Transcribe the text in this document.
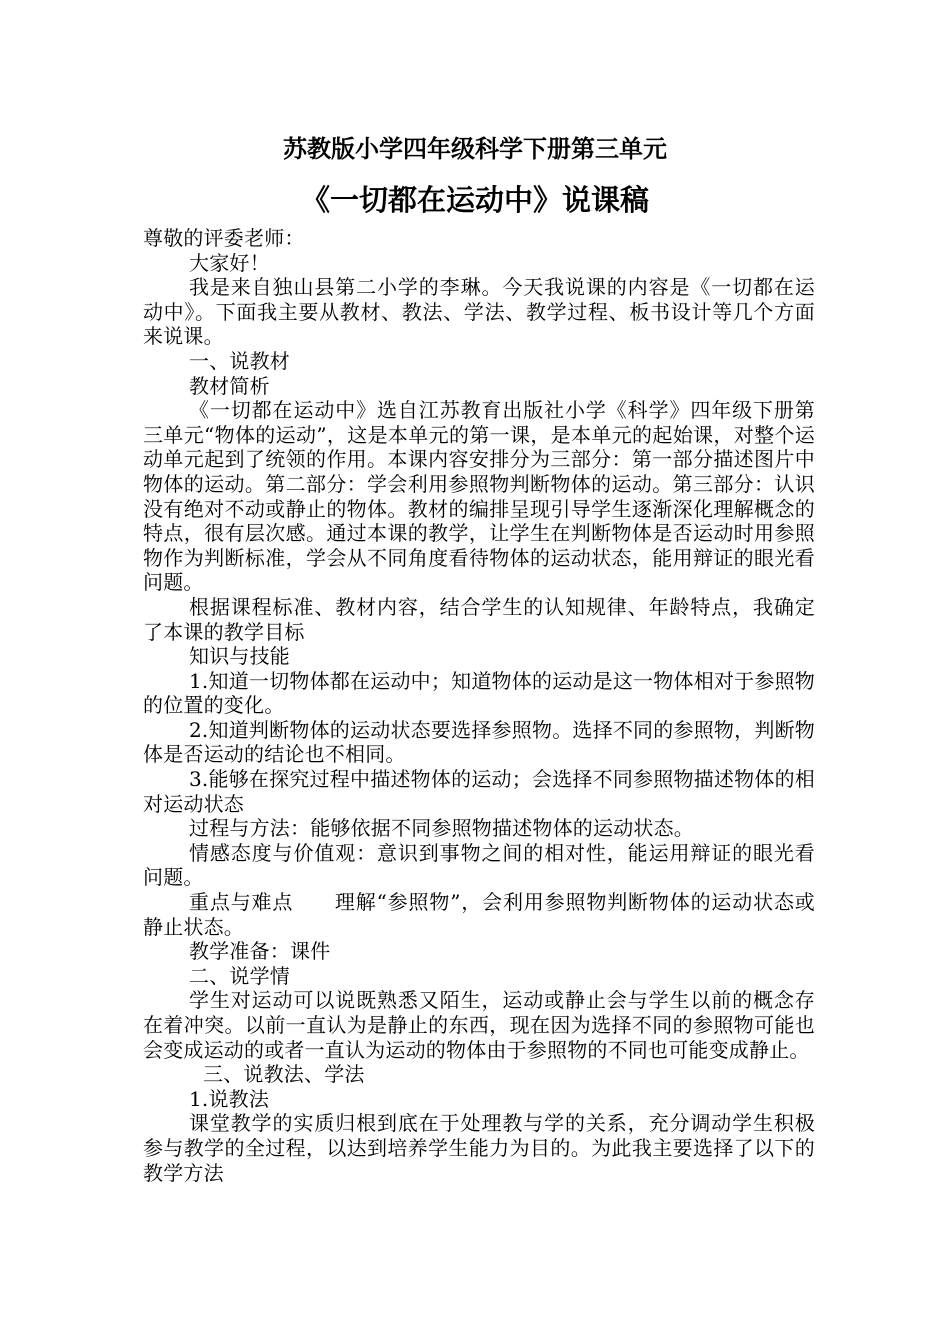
苏教版小学四年级科学下册第三单元
《一切都在运动中》说课稿

尊敬的评委老师：

大家好！

我是来自独山县第二小学的李琳。今天我说课的内容是《一切都在运动中》。下面我主要从教材、教法、学法、教学过程、板书设计等几个方面来说课。

一、说教材

教材简析

《一切都在运动中》选自江苏教育出版社小学《科学》四年级下册第三单元“物体的运动”，这是本单元的第一课，是本单元的起始课，对整个运动单元起到了统领的作用。本课内容安排分为三部分：第一部分描述图片中物体的运动。第二部分：学会利用参照物判断物体的运动。第三部分：认识没有绝对不动或静止的物体。教材的编排呈现引导学生逐渐深化理解概念的特点，很有层次感。通过本课的教学，让学生在判断物体是否运动时用参照物作为判断标准，学会从不同角度看待物体的运动状态，能用辩证的眼光看问题。

根据课程标准、教材内容，结合学生的认知规律、年龄特点，我确定了本课的教学目标

知识与技能

1.知道一切物体都在运动中；知道物体的运动是这一物体相对于参照物的位置的变化。

2.知道判断物体的运动状态要选择参照物。选择不同的参照物，判断物体是否运动的结论也不相同。

3.能够在探究过程中描述物体的运动；会选择不同参照物描述物体的相对运动状态

过程与方法：能够依据不同参照物描述物体的运动状态。

情感态度与价值观：意识到事物之间的相对性，能运用辩证的眼光看问题。

重点与难点　　理解“参照物”，会利用参照物判断物体的运动状态或静止状态。

教学准备：课件

二、说学情

学生对运动可以说既熟悉又陌生，运动或静止会与学生以前的概念存在着冲突。以前一直认为是静止的东西，现在因为选择不同的参照物可能也会变成运动的或者一直认为运动的物体由于参照物的不同也可能变成静止。

三、说教法、学法

1.说教法

课堂教学的实质归根到底在于处理教与学的关系，充分调动学生积极参与教学的全过程，以达到培养学生能力为目的。为此我主要选择了以下的教学方法
